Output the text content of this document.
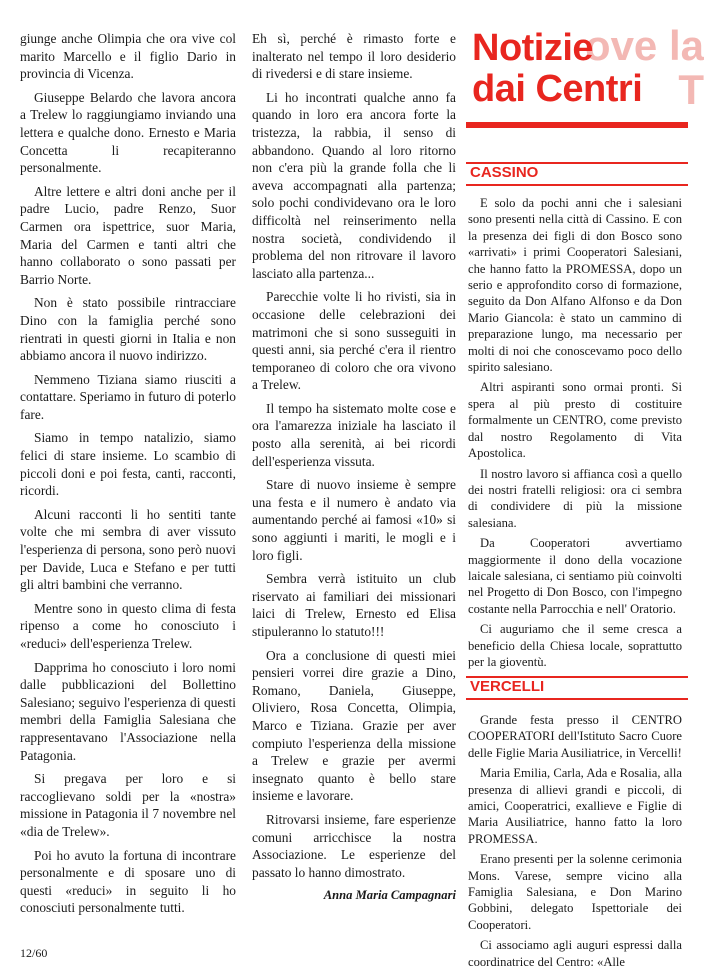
giunge anche Olimpia che ora vive col marito Marcello e il figlio Dario in provincia di Vicenza.

Giuseppe Belardo che lavora ancora a Trelew lo raggiungiamo inviando una lettera e qualche dono. Ernesto e Maria Concetta li recapiteranno personalmente.

Altre lettere e altri doni anche per il padre Lucio, padre Renzo, Suor Carmen ora ispettrice, suor Maria, Maria del Carmen e tanti altri che hanno collaborato o sono passati per Barrio Norte.

Non è stato possibile rintracciare Dino con la famiglia perché sono rientrati in questi giorni in Italia e non abbiamo ancora il nuovo indirizzo.

Nemmeno Tiziana siamo riusciti a contattare. Speriamo in futuro di poterlo fare.

Siamo in tempo natalizio, siamo felici di stare insieme. Lo scambio di piccoli doni e poi festa, canti, racconti, ricordi.

Alcuni racconti li ho sentiti tante volte che mi sembra di aver vissuto l'esperienza di persona, sono però nuovi per Davide, Luca e Stefano e per tutti gli altri bambini che verranno.

Mentre sono in questo clima di festa ripenso a come ho conosciuto i «reduci» dell'esperienza Trelew.

Dapprima ho conosciuto i loro nomi dalle pubblicazioni del Bollettino Salesiano; seguivo l'esperienza di questi membri della Famiglia Salesiana che rappresentavano l'Associazione nella Patagonia.

Si pregava per loro e si raccoglievano soldi per la «nostra» missione in Patagonia il 7 novembre nel «dia de Trelew».

Poi ho avuto la fortuna di incontrare personalmente e di sposare uno di questi «reduci» in seguito li ho conosciuti personalmente tutti.

Eh sì, perché è rimasto forte e inalterato nel tempo il loro desiderio di rivedersi e di stare insieme.

Li ho incontrati qualche anno fa quando in loro era ancora forte la tristezza, la rabbia, il senso di abbandono. Quando al loro ritorno non c'era più la grande folla che li aveva accompagnati alla partenza; solo pochi condividevano ora le loro difficoltà nel reinserimento nella nostra società, condividendo il problema del non ritrovare il lavoro lasciato alla partenza...

Parecchie volte li ho rivisti, sia in occasione delle celebrazioni dei matrimoni che si sono susseguiti in questi anni, sia perché c'era il rientro temporaneo di coloro che ora vivono a Trelew.

Il tempo ha sistemato molte cose e ora l'amarezza iniziale ha lasciato il posto alla serenità, ai bei ricordi dell'esperienza vissuta.

Stare di nuovo insieme è sempre una festa e il numero è andato via aumentando perché ai famosi «10» si sono aggiunti i mariti, le mogli e i loro figli.

Sembra verrà istituito un club riservato ai familiari dei missionari laici di Trelew, Ernesto ed Elisa stipuleranno lo statuto!!!

Ora a conclusione di questi miei pensieri vorrei dire grazie a Dino, Romano, Daniela, Giuseppe, Oliviero, Rosa Concetta, Olimpia, Marco e Tiziana. Grazie per aver compiuto l'esperienza della missione a Trelew e grazie per avermi insegnato quanto è bello stare insieme e lavorare.

Ritrovarsi insieme, fare esperienze comuni arricchisce la nostra Associazione. Le esperienze del passato lo hanno dimostrato.

Anna Maria Campagnari

ove la
T
Notizie
dai Centri
CASSINO

E solo da pochi anni che i salesiani sono presenti nella città di Cassino. E con la presenza dei figli di don Bosco sono «arrivati» i primi Cooperatori Salesiani, che hanno fatto la PROMESSA, dopo un serio e approfondito corso di formazione, seguito da Don Alfano Alfonso e da Don Mario Giancola: è stato un cammino di preparazione lungo, ma necessario per molti di noi che conoscevamo poco dello spirito salesiano.

Altri aspiranti sono ormai pronti. Si spera al più presto di costituire formalmente un CENTRO, come previsto dal nostro Regolamento di Vita Apostolica.

Il nostro lavoro si affianca così a quello dei nostri fratelli religiosi: ora ci sembra di condividere di più la missione salesiana.

Da Cooperatori avvertiamo maggiormente il dono della vocazione laicale salesiana, ci sentiamo più coinvolti nel Progetto di Don Bosco, con l'impegno costante nella Parrocchia e nell' Oratorio.

Ci auguriamo che il seme cresca a beneficio della Chiesa locale, soprattutto per la gioventù.

VERCELLI

Grande festa presso il CENTRO COOPERATORI dell'Istituto Sacro Cuore delle Figlie Maria Ausiliatrice, in Vercelli!

Maria Emilia, Carla, Ada e Rosalia, alla presenza di allievi grandi e piccoli, di amici, Cooperatrici, exallieve e Figlie di Maria Ausiliatrice, hanno fatto la loro PROMESSA.

Erano presenti per la solenne cerimonia Mons. Varese, sempre vicino alla Famiglia Salesiana, e Don Marino Gobbini, delegato Ispettoriale dei Cooperatori.

Ci associamo agli auguri espressi dalla coordinatrice del Centro: «Alle

12/60
